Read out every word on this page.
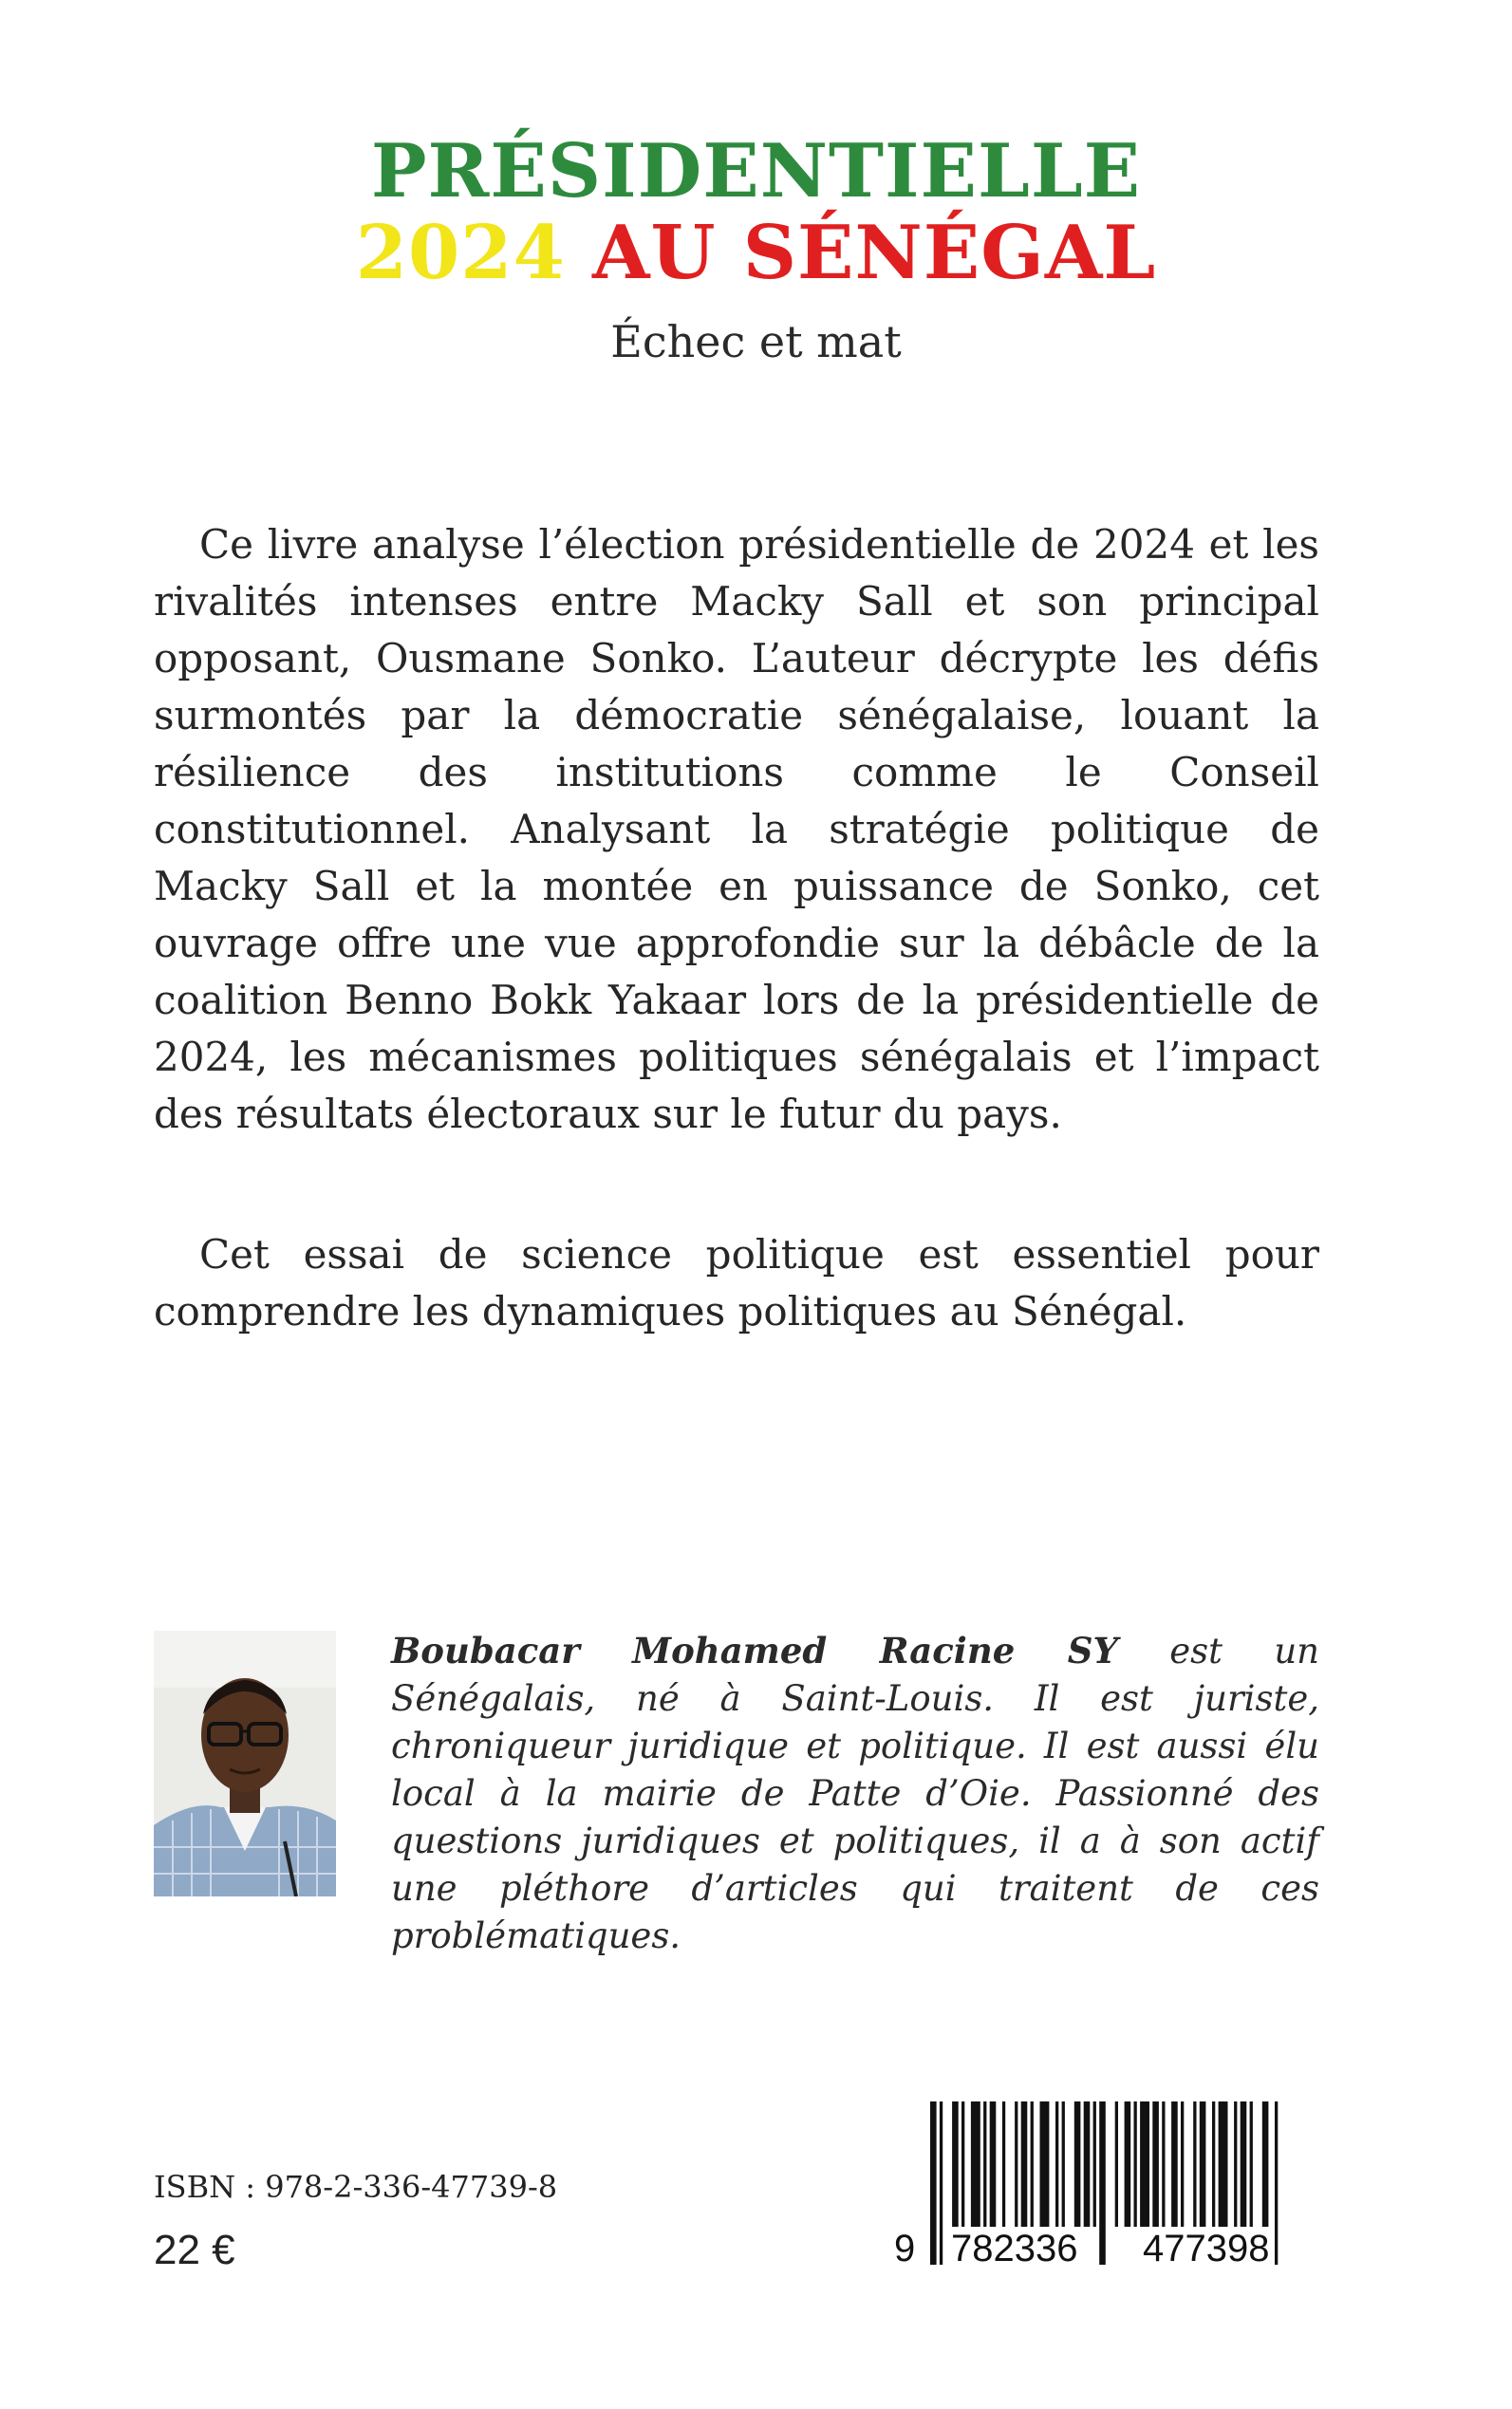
PRÉSIDENTIELLE
2024 AU SÉNÉGAL

Échec et mat

Ce livre analyse l’élection présidentielle de 2024 et les rivalités intenses entre Macky Sall et son principal opposant, Ousmane Sonko. L’auteur décrypte les défis surmontés par la démocratie sénégalaise, louant la résilience des institutions comme le Conseil constitutionnel. Analysant la stratégie politique de Macky Sall et la montée en puissance de Sonko, cet ouvrage offre une vue approfondie sur la débâcle de la coalition Benno Bokk Yakaar lors de la présidentielle de 2024, les mécanismes politiques sénégalais et l’impact des résultats électoraux sur le futur du pays.

Cet essai de science politique est essentiel pour comprendre les dynamiques politiques au Sénégal.

Boubacar Mohamed Racine SY est un Sénégalais, né à Saint-Louis. Il est juriste, chroniqueur juridique et politique. Il est aussi élu local à la mairie de Patte d’Oie. Passionné des questions juridiques et politiques, il a à son actif une pléthore d’articles qui traitent de ces problématiques.

ISBN : 978-2-336-47739-8

22 €	9 782336 477398
